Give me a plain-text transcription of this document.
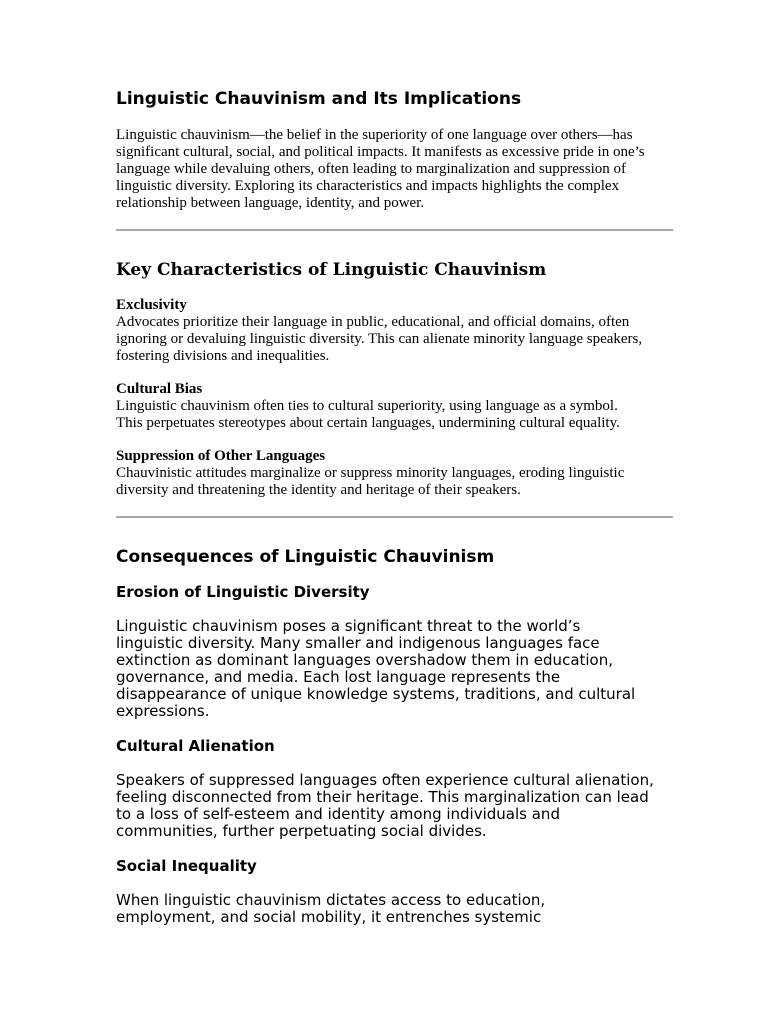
Linguistic Chauvinism and Its Implications

Linguistic chauvinism—the belief in the superiority of one language over others—has significant cultural, social, and political impacts. It manifests as excessive pride in one’s language while devaluing others, often leading to marginalization and suppression of linguistic diversity. Exploring its characteristics and impacts highlights the complex relationship between language, identity, and power.

Key Characteristics of Linguistic Chauvinism
Exclusivity

Advocates prioritize their language in public, educational, and official domains, often ignoring or devaluing linguistic diversity. This can alienate minority language speakers, fostering divisions and inequalities.

Cultural Bias

Linguistic chauvinism often ties to cultural superiority, using language as a symbol. This perpetuates stereotypes about certain languages, undermining cultural equality.

Suppression of Other Languages

Chauvinistic attitudes marginalize or suppress minority languages, eroding linguistic diversity and threatening the identity and heritage of their speakers.

Consequences of Linguistic Chauvinism
Erosion of Linguistic Diversity

Linguistic chauvinism poses a significant threat to the world’s linguistic diversity. Many smaller and indigenous languages face extinction as dominant languages overshadow them in education, governance, and media. Each lost language represents the disappearance of unique knowledge systems, traditions, and cultural expressions.

Cultural Alienation

Speakers of suppressed languages often experience cultural alienation, feeling disconnected from their heritage. This marginalization can lead to a loss of self-esteem and identity among individuals and communities, further perpetuating social divides.

Social Inequality

When linguistic chauvinism dictates access to education, employment, and social mobility, it entrenches systemic
